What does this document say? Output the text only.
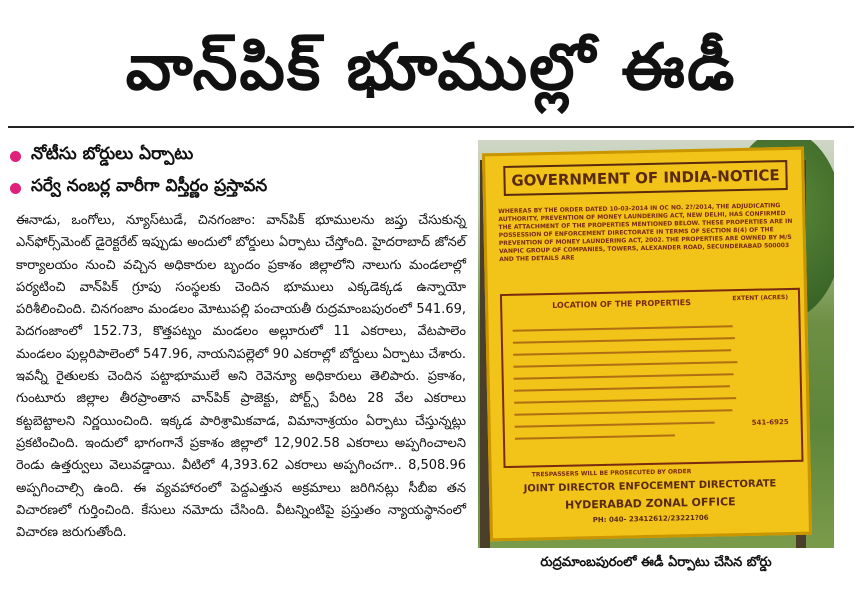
వాన్‌పిక్ భూముల్లో ఈడీ
నోటీసు బోర్డులు ఏర్పాటు
సర్వే నంబర్ల వారీగా విస్తీర్ణం ప్రస్తావన
ఈనాడు, ఒంగోలు, న్యూస్‌టుడే, చినగంజాం: వాన్‌పిక్ భూములను జప్తు చేసుకున్న ఎన్‌ఫోర్స్‌మెంట్ డైరెక్టరేట్ ఇప్పుడు అందులో బోర్డులు ఏర్పాటు చేస్తోంది. హైదరాబాద్ జోనల్ కార్యాలయం నుంచి వచ్చిన అధికారుల బృందం ప్రకాశం జిల్లాలోని నాలుగు మండలాల్లో పర్యటించి వాన్‌పిక్ గ్రూపు సంస్థలకు చెందిన భూములు ఎక్కడెక్కడ ఉన్నాయో పరిశీలించింది. చినగంజాం మండలం మోటుపల్లి పంచాయతీ రుద్రమాంబపురంలో 541.69, పెదగంజాంలో 152.73, కొత్తపట్నం మండలం అల్లూరులో 11 ఎకరాలు, వేటపాలెం మండలం పుల్లరిపాలెంలో 547.96, నాయనిపల్లెలో 90 ఎకరాల్లో బోర్డులు ఏర్పాటు చేశారు. ఇవన్నీ రైతులకు చెందిన పట్టాభూములే అని రెవెన్యూ అధికారులు తెలిపారు. ప్రకాశం, గుంటూరు జిల్లాల తీరప్రాంతాన వాన్‌పిక్ ప్రాజెక్టు, పోర్ట్స్ పేరిట 28 వేల ఎకరాలు కట్టబెట్టాలని నిర్ణయించింది. ఇక్కడ పారిశ్రామికవాడ, విమానాశ్రయం ఏర్పాటు చేస్తున్నట్లు ప్రకటించింది. ఇందులో భాగంగానే ప్రకాశం జిల్లాలో 12,902.58 ఎకరాలు అప్పగించాలని రెండు ఉత్తర్వులు వెలువడ్డాయి. వీటిలో 4,393.62 ఎకరాలు అప్పగించగా.. 8,508.96 అప్పగించాల్సి ఉంది. ఈ వ్యవహారంలో పెద్దఎత్తున అక్రమాలు జరిగినట్లు సీబీఐ తన విచారణలో గుర్తించింది. కేసులు నమోదు చేసింది. వీటన్నింటిపై ప్రస్తుతం న్యాయస్థానంలో విచారణ జరుగుతోంది.
GOVERNMENT OF INDIA-NOTICE
WHEREAS BY THE ORDER DATED 10-03-2014 IN OC NO. 2?/2014, THE ADJUDICATING AUTHORITY, PREVENTION OF MONEY LAUNDERING ACT, NEW DELHI, HAS CONFIRMED THE ATTACHMENT OF THE PROPERTIES MENTIONED BELOW. THESE PROPERTIES ARE IN POSSESSION OF ENFORCEMENT DIRECTORATE IN TERMS OF SECTION 8(4) OF THE PREVENTION OF MONEY LAUNDERING ACT, 2002. THE PROPERTIES ARE OWNED BY M/S VANPIC GROUP OF COMPANIES, TOWERS, ALEXANDER ROAD, SECUNDERABAD 500003 AND THE DETAILS ARE
LOCATION OF THE PROPERTIES	EXTENT (ACRES)
541-6925
TRESPASSERS WILL BE PROSECUTED BY ORDER
JOINT DIRECTOR ENFOCEMENT DIRECTORATE
HYDERABAD ZONAL OFFICE
PH: 040- 23412612/23221?06
రుద్రమాంబపురంలో ఈడీ ఏర్పాటు చేసిన బోర్డు
